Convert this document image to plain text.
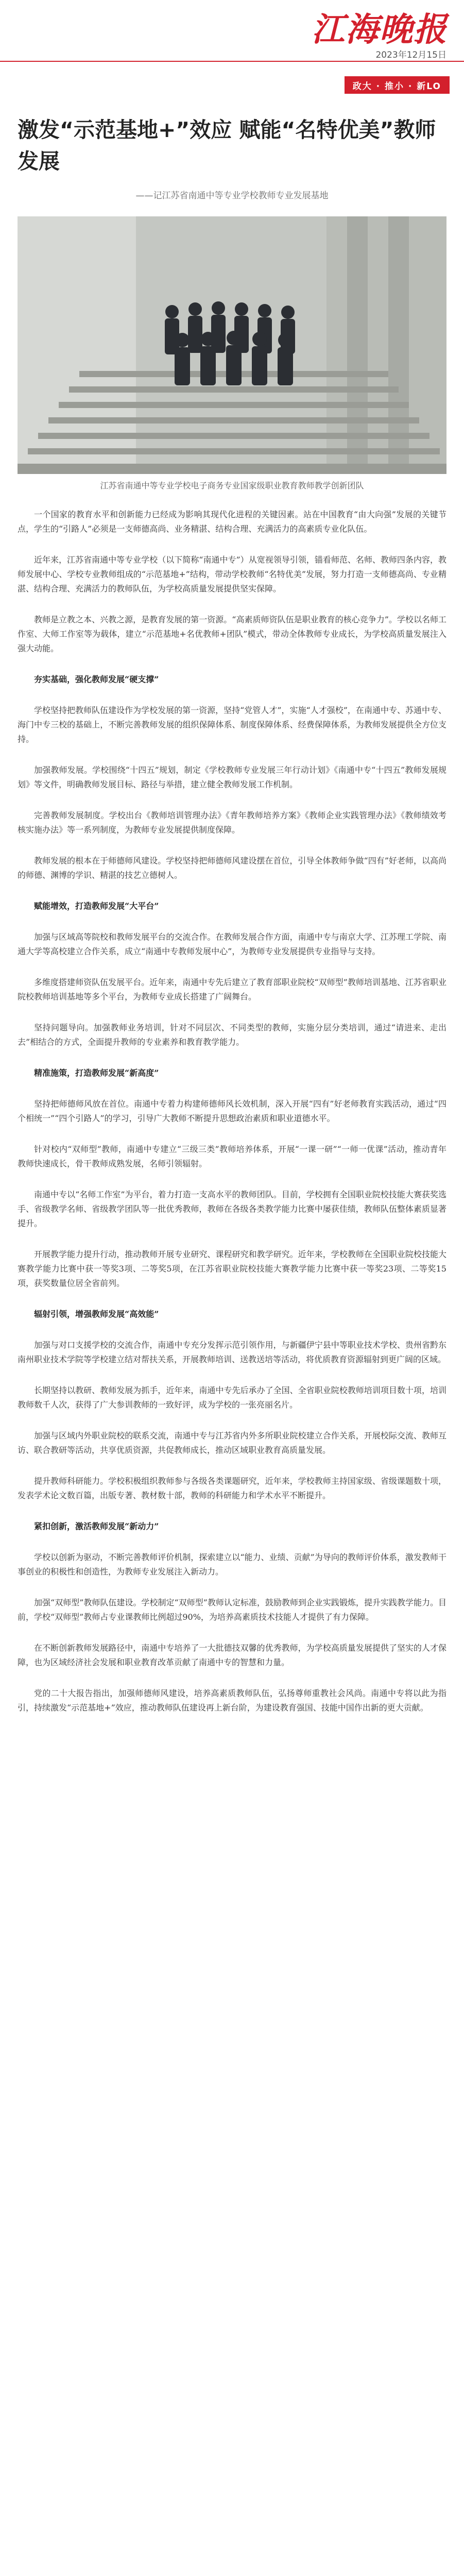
江海晚报
2023年12月15日
政大 · 推小 · 新LO
激发“示范基地+”效应 赋能“名特优美”教师发展
——记江苏省南通中等专业学校教师专业发展基地
江苏省南通中等专业学校电子商务专业国家级职业教育教师教学创新团队

一个国家的教育水平和创新能力已经成为影响其现代化进程的关键因素。站在中国教育“由大向强”发展的关键节点，学生的“引路人”必须是一支师德高尚、业务精湛、结构合理、充满活力的高素质专业化队伍。

近年来，江苏省南通中等专业学校（以下简称“南通中专”）从宽视领导引领，锚看师范、名师、教师四条内容，教师发展中心、学校专业教师组成的“示范基地+”结构，带动学校教师“名特优美”发展，努力打造一支师德高尚、专业精湛、结构合理、充满活力的教师队伍，为学校高质量发展提供坚实保障。

教师是立教之本、兴教之源，是教育发展的第一资源。“高素质师资队伍是职业教育的核心竞争力”。学校以名师工作室、大师工作室等为载体，建立“示范基地+名优教师+团队”模式，带动全体教师专业成长，为学校高质量发展注入强大动能。

夯实基础，强化教师发展“硬支撑”

学校坚持把教师队伍建设作为学校发展的第一资源，坚持“党管人才”，实施“人才强校”，在南通中专、苏通中专、海门中专三校的基础上，不断完善教师发展的组织保障体系、制度保障体系、经费保障体系，为教师发展提供全方位支持。

加强教师发展。学校围绕“十四五”规划，制定《学校教师专业发展三年行动计划》《南通中专“十四五”教师发展规划》等文件，明确教师发展目标、路径与举措，建立健全教师发展工作机制。

完善教师发展制度。学校出台《教师培训管理办法》《青年教师培养方案》《教师企业实践管理办法》《教师绩效考核实施办法》等一系列制度，为教师专业发展提供制度保障。

教师发展的根本在于师德师风建设。学校坚持把师德师风建设摆在首位，引导全体教师争做“四有”好老师，以高尚的师德、渊博的学识、精湛的技艺立德树人。

赋能增效，打造教师发展“大平台”

加强与区域高等院校和教师发展平台的交流合作。在教师发展合作方面，南通中专与南京大学、江苏理工学院、南通大学等高校建立合作关系，成立“南通中专教师发展中心”，为教师专业发展提供专业指导与支持。

多维度搭建师资队伍发展平台。近年来，南通中专先后建立了教育部职业院校“双师型”教师培训基地、江苏省职业院校教师培训基地等多个平台，为教师专业成长搭建了广阔舞台。

坚持问题导向。加强教师业务培训，针对不同层次、不同类型的教师，实施分层分类培训，通过“请进来、走出去”相结合的方式，全面提升教师的专业素养和教育教学能力。

精准施策，打造教师发展“新高度”

坚持把师德师风放在首位。南通中专着力构建师德师风长效机制，深入开展“四有”好老师教育实践活动，通过“四个相统一”“四个引路人”的学习，引导广大教师不断提升思想政治素质和职业道德水平。

针对校内“双师型”教师，南通中专建立“三级三类”教师培养体系，开展“一课一研”“一师一优课”活动，推动青年教师快速成长，骨干教师成熟发展，名师引领辐射。

南通中专以“名师工作室”为平台，着力打造一支高水平的教师团队。目前，学校拥有全国职业院校技能大赛获奖选手、省级教学名师、省级教学团队等一批优秀教师，教师在各级各类教学能力比赛中屡获佳绩，教师队伍整体素质显著提升。

开展教学能力提升行动，推动教师开展专业研究、课程研究和教学研究。近年来，学校教师在全国职业院校技能大赛教学能力比赛中获一等奖3项、二等奖5项，在江苏省职业院校技能大赛教学能力比赛中获一等奖23项、二等奖15项，获奖数量位居全省前列。

辐射引领，增强教师发展“高效能”

加强与对口支援学校的交流合作，南通中专充分发挥示范引领作用，与新疆伊宁县中等职业技术学校、贵州省黔东南州职业技术学院等学校建立结对帮扶关系，开展教师培训、送教送培等活动，将优质教育资源辐射到更广阔的区域。

长期坚持以教研、教师发展为抓手，近年来，南通中专先后承办了全国、全省职业院校教师培训项目数十项，培训教师数千人次，获得了广大参训教师的一致好评，成为学校的一张亮丽名片。

加强与区域内外职业院校的联系交流，南通中专与江苏省内外多所职业院校建立合作关系，开展校际交流、教师互访、联合教研等活动，共享优质资源，共促教师成长，推动区域职业教育高质量发展。

提升教师科研能力。学校积极组织教师参与各级各类课题研究，近年来，学校教师主持国家级、省级课题数十项，发表学术论文数百篇，出版专著、教材数十部，教师的科研能力和学术水平不断提升。

紧扣创新，激活教师发展“新动力”

学校以创新为驱动，不断完善教师评价机制，探索建立以“能力、业绩、贡献”为导向的教师评价体系，激发教师干事创业的积极性和创造性，为教师专业发展注入新动力。

加强“双师型”教师队伍建设。学校制定“双师型”教师认定标准，鼓励教师到企业实践锻炼，提升实践教学能力。目前，学校“双师型”教师占专业课教师比例超过90%，为培养高素质技术技能人才提供了有力保障。

在不断创新教师发展路径中，南通中专培养了一大批德技双馨的优秀教师，为学校高质量发展提供了坚实的人才保障，也为区域经济社会发展和职业教育改革贡献了南通中专的智慧和力量。

党的二十大报告指出，加强师德师风建设，培养高素质教师队伍，弘扬尊师重教社会风尚。南通中专将以此为指引，持续激发“示范基地+”效应，推动教师队伍建设再上新台阶，为建设教育强国、技能中国作出新的更大贡献。
